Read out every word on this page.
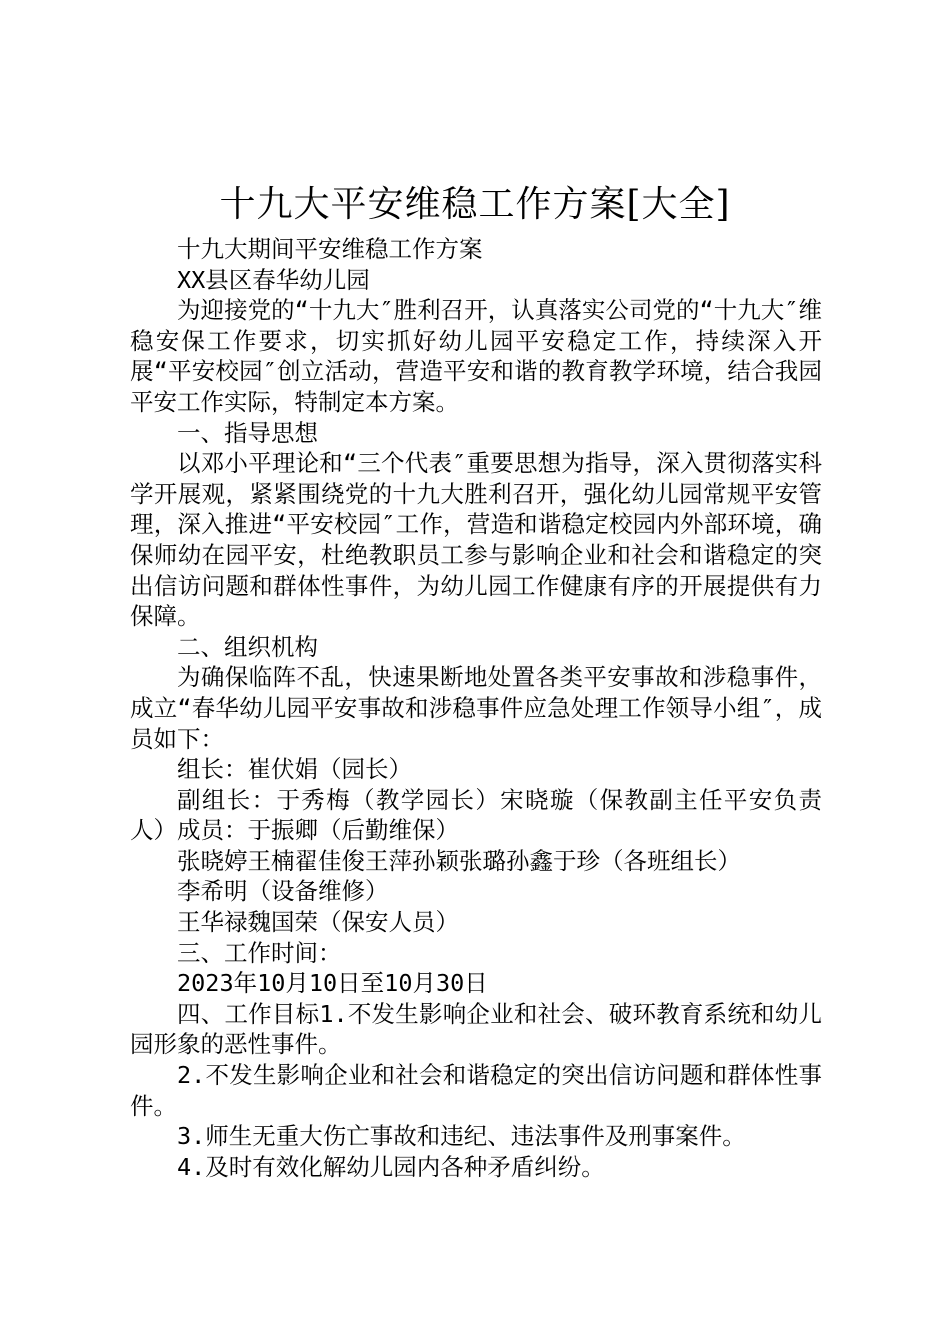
十九大平安维稳工作方案[大全]

十九大期间平安维稳工作方案

XX县区春华幼儿园

为迎接党的“十九大″胜利召开，认真落实公司党的“十九大″维稳安保工作要求，切实抓好幼儿园平安稳定工作，持续深入开展“平安校园″创立活动，营造平安和谐的教育教学环境，结合我园平安工作实际，特制定本方案。

一、指导思想

以邓小平理论和“三个代表″重要思想为指导，深入贯彻落实科学开展观，紧紧围绕党的十九大胜利召开，强化幼儿园常规平安管理，深入推进“平安校园″工作，营造和谐稳定校园内外部环境，确保师幼在园平安，杜绝教职员工参与影响企业和社会和谐稳定的突出信访问题和群体性事件，为幼儿园工作健康有序的开展提供有力保障。

二、组织机构

为确保临阵不乱，快速果断地处置各类平安事故和涉稳事件，成立“春华幼儿园平安事故和涉稳事件应急处理工作领导小组″，成员如下：

组长：崔伏娟（园长）

副组长：于秀梅（教学园长）宋晓璇（保教副主任平安负责人）成员：于振卿（后勤维保）

张晓婷王楠翟佳俊王萍孙颖张璐孙鑫于珍（各班组长）

李希明（设备维修）

王华禄魏国荣（保安人员）

三、工作时间：

2023年10月10日至10月30日

四、工作目标1.不发生影响企业和社会、破环教育系统和幼儿园形象的恶性事件。

2.不发生影响企业和社会和谐稳定的突出信访问题和群体性事件。

3.师生无重大伤亡事故和违纪、违法事件及刑事案件。

4.及时有效化解幼儿园内各种矛盾纠纷。
